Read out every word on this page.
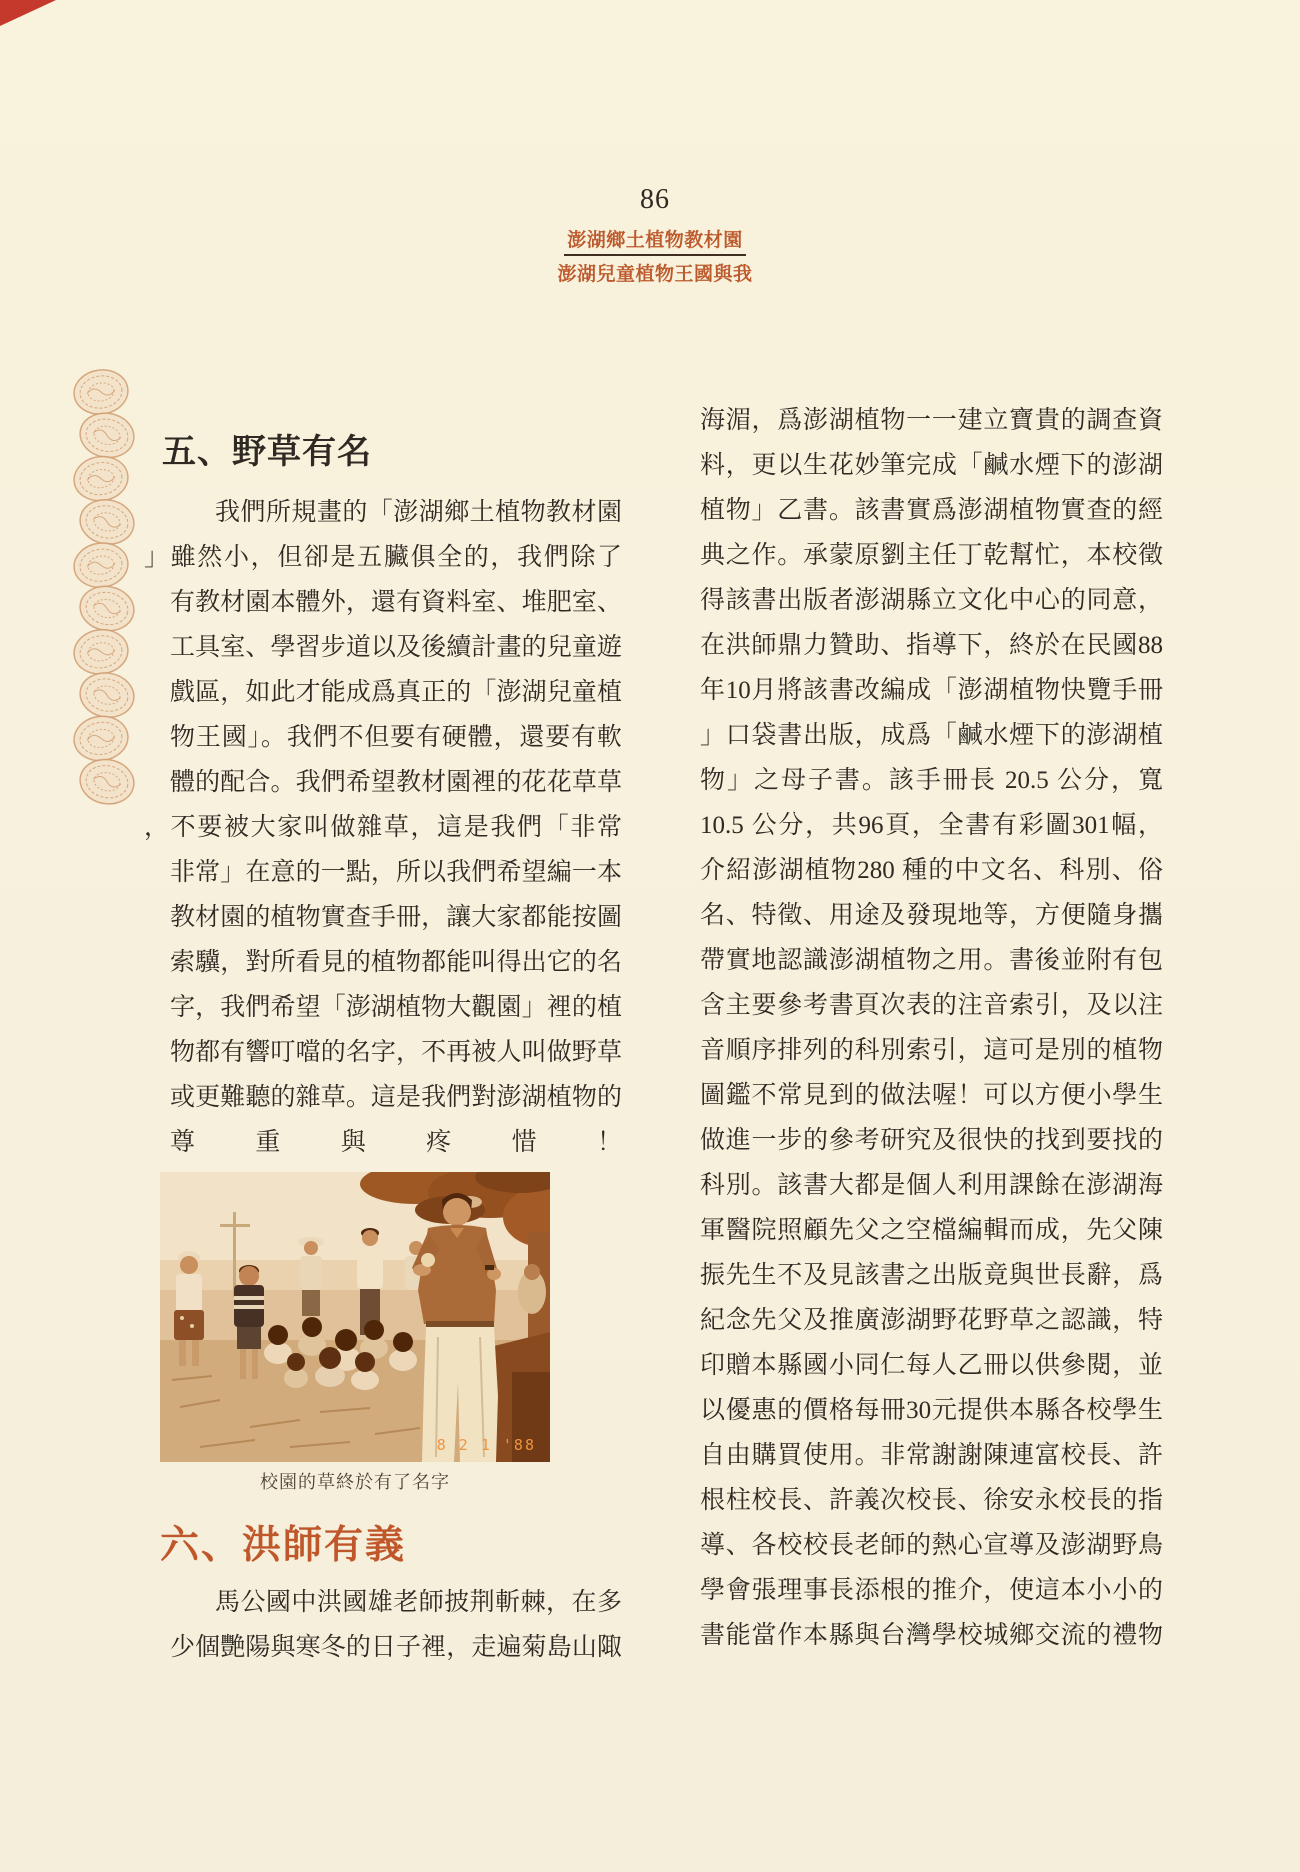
86
澎湖鄉土植物教材園
澎湖兒童植物王國與我
五、野草有名
我們所規畫的「澎湖鄉土植物教材園
」雖然小，但卻是五臟俱全的，我們除了
有教材園本體外，還有資料室、堆肥室、
工具室、學習步道以及後續計畫的兒童遊
戲區，如此才能成爲真正的「澎湖兒童植
物王國」。我們不但要有硬體，還要有軟
體的配合。我們希望教材園裡的花花草草
，不要被大家叫做雜草，這是我們「非常
非常」在意的一點，所以我們希望編一本
教材園的植物實查手冊，讓大家都能按圖
索驥，對所看見的植物都能叫得出它的名
字，我們希望「澎湖植物大觀園」裡的植
物都有響叮噹的名字，不再被人叫做野草
或更難聽的雜草。這是我們對澎湖植物的
尊重與疼惜！
8 2 1 '88
校園的草終於有了名字
六、洪師有義
馬公國中洪國雄老師披荆斬棘，在多
少個艷陽與寒冬的日子裡，走遍菊島山陬
海湄，爲澎湖植物一一建立寶貴的調查資
料，更以生花妙筆完成「鹹水煙下的澎湖
植物」乙書。該書實爲澎湖植物實查的經
典之作。承蒙原劉主任丁乾幫忙，本校徵
得該書出版者澎湖縣立文化中心的同意，
在洪師鼎力贊助、指導下，終於在民國88
年10月將該書改編成「澎湖植物快覽手冊
」口袋書出版，成爲「鹹水煙下的澎湖植
物」之母子書。該手冊長 20.5 公分，寬
10.5 公分，共96頁，全書有彩圖301幅，
介紹澎湖植物280 種的中文名、科別、俗
名、特徵、用途及發現地等，方便隨身攜
帶實地認識澎湖植物之用。書後並附有包
含主要參考書頁次表的注音索引，及以注
音順序排列的科別索引，這可是別的植物
圖鑑不常見到的做法喔！可以方便小學生
做進一步的參考研究及很快的找到要找的
科別。該書大都是個人利用課餘在澎湖海
軍醫院照顧先父之空檔編輯而成，先父陳
振先生不及見該書之出版竟與世長辭，爲
紀念先父及推廣澎湖野花野草之認識，特
印贈本縣國小同仁每人乙冊以供參閱，並
以優惠的價格每冊30元提供本縣各校學生
自由購買使用。非常謝謝陳連富校長、許
根柱校長、許義次校長、徐安永校長的指
導、各校校長老師的熱心宣導及澎湖野鳥
學會張理事長添根的推介，使這本小小的
書能當作本縣與台灣學校城鄉交流的禮物
